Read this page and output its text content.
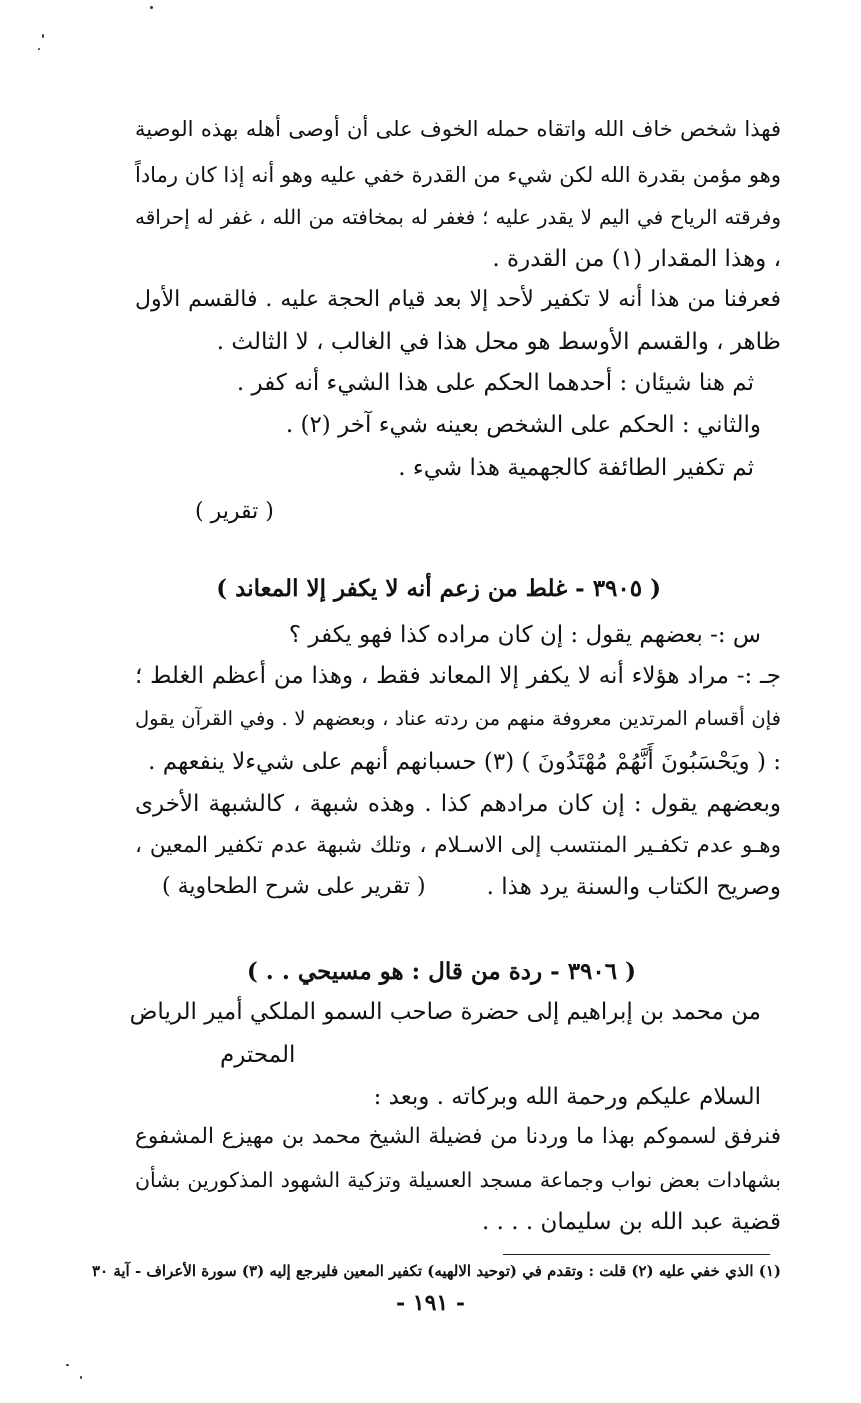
فهذا شخص خاف الله واتقاه حمله الخوف على أن أوصى أهله بهذه الوصية
وهو مؤمن بقدرة الله لكن شيء من القدرة خفي عليه وهو أنه إذا كان رماداً
وفرقته الرياح في اليم لا يقدر عليه ؛ فغفر له بمخافته من الله ، غفر له إحراقه
، وهذا المقدار (١) من القدرة .
فعرفنا من هذا أنه لا تكفير لأحد إلا بعد قيام الحجة عليه . فالقسم الأول
ظاهر ، والقسم الأوسط هو محل هذا في الغالب ، لا الثالث .
ثم هنا شيئان : أحدهما الحكم على هذا الشيء أنه كفر .
والثاني : الحكم على الشخص بعينه شيء آخر (٢) .
ثم تكفير الطائفة كالجهمية هذا شيء .
( تقرير )
( ٣٩٠٥ - غلط من زعم أنه لا يكفر إلا المعاند )
س :- بعضهم يقول : إن كان مراده كذا فهو يكفر ؟
جـ :- مراد هؤلاء أنه لا يكفر إلا المعاند فقط ، وهذا من أعظم الغلط ؛
فإن أقسام المرتدين معروفة منهم من ردته عناد ، وبعضهم لا . وفي القرآن يقول
: ( ويَحْسَبُونَ أَنَّهُمْ مُهْتَدُونَ ) (٣) حسبانهم أنهم على شيءلا ينفعهم .
وبعضهم يقول : إن كان مرادهم كذا . وهذه شبهة ، كالشبهة الأخرى
وهـو عدم تكفـير المنتسب إلى الاسـلام ، وتلك شبهة عدم تكفير المعين ،
وصريح الكتاب والسنة يرد هذا .
( تقرير على شرح الطحاوية )
( ٣٩٠٦ - ردة من قال : هو مسيحي . . )
من محمد بن إبراهيم إلى حضرة صاحب السمو الملكي أمير الرياض
المحترم
السلام عليكم ورحمة الله وبركاته . وبعد :
فنرفق لسموكم بهذا ما وردنا من فضيلة الشيخ محمد بن مهيزع المشفوع
بشهادات بعض نواب وجماعة مسجد العسيلة وتزكية الشهود المذكورين بشأن
قضية عبد الله بن سليمان . . . .
(١) الذي خفي عليه (٢) قلت : وتقدم في (توحيد الالهيه) تكفير المعين فليرجع إليه (٣) سورة الأعراف - آية ٣٠
- ١٩١ -
